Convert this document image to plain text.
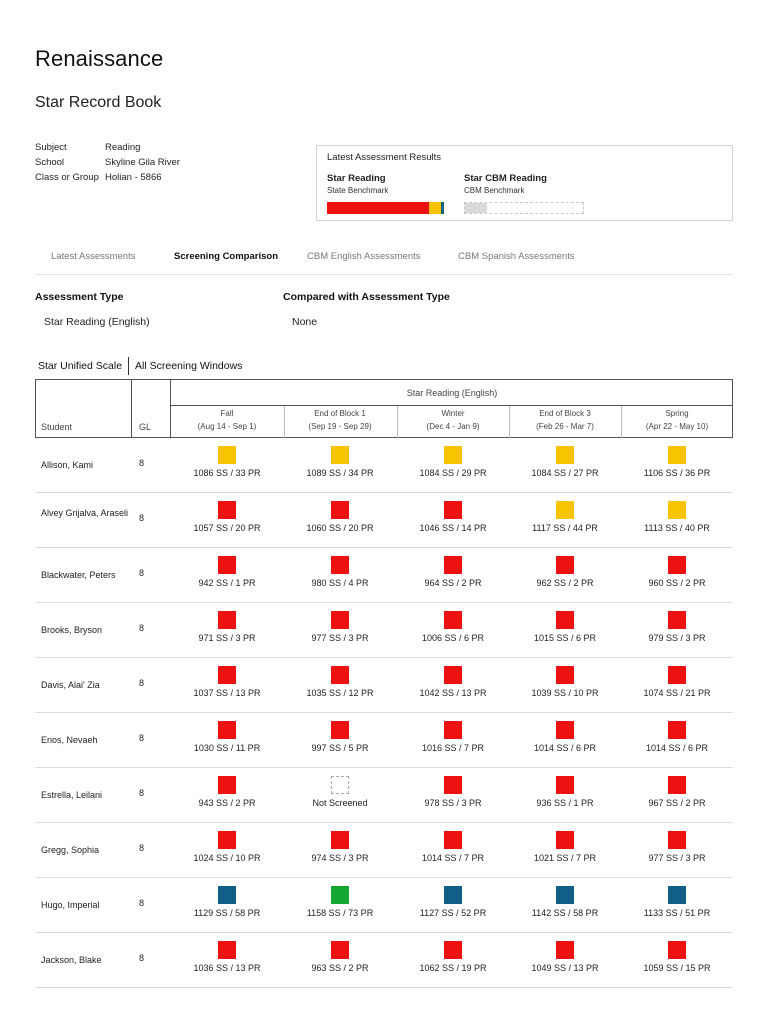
Renaissance
Star Record Book
Subject	Reading
School	Skyline Gila River
Class or Group Holian - 5866
Latest Assessment Results
Star Reading
State Benchmark
Star CBM Reading
CBM Benchmark
Latest Assessments	Screening Comparison	CBM English Assessments	CBM Spanish Assessments
Assessment Type
Star Reading (English)
Compared with Assessment Type
None
Star Unified Scale All Screening Windows
Star Reading (English)
Student	GL
Fall
(Aug 14 - Sep 1)
End of Block 1
(Sep 19 - Sep 29)
Winter
(Dec 4 - Jan 9)
End of Block 3
(Feb 26 - Mar 7)
Spring
(Apr 22 - May 10)
Allison, Kami	8
1086 SS / 33 PR	1089 SS / 34 PR	1084 SS / 29 PR	1084 SS / 27 PR	1106 SS / 36 PR
Alvey Grijalva, Araseli	8
1057 SS / 20 PR	1060 SS / 20 PR	1046 SS / 14 PR	1117 SS / 44 PR	1113 SS / 40 PR
Blackwater, Peters	8
942 SS / 1 PR	980 SS / 4 PR	964 SS / 2 PR	962 SS / 2 PR	960 SS / 2 PR
Brooks, Bryson	8
971 SS / 3 PR	977 SS / 3 PR	1006 SS / 6 PR	1015 SS / 6 PR	979 SS / 3 PR
Davis, Alai' Zia	8
1037 SS / 13 PR	1035 SS / 12 PR	1042 SS / 13 PR	1039 SS / 10 PR	1074 SS / 21 PR
Enos, Nevaeh	8
1030 SS / 11 PR	997 SS / 5 PR	1016 SS / 7 PR	1014 SS / 6 PR	1014 SS / 6 PR
Estrella, Leilani	8
943 SS / 2 PR	Not Screened	978 SS / 3 PR	936 SS / 1 PR	967 SS / 2 PR
Gregg, Sophia	8
1024 SS / 10 PR	974 SS / 3 PR	1014 SS / 7 PR	1021 SS / 7 PR	977 SS / 3 PR
Hugo, Imperial	8
1129 SS / 58 PR	1158 SS / 73 PR	1127 SS / 52 PR	1142 SS / 58 PR	1133 SS / 51 PR
Jackson, Blake	8
1036 SS / 13 PR	963 SS / 2 PR	1062 SS / 19 PR	1049 SS / 13 PR	1059 SS / 15 PR
